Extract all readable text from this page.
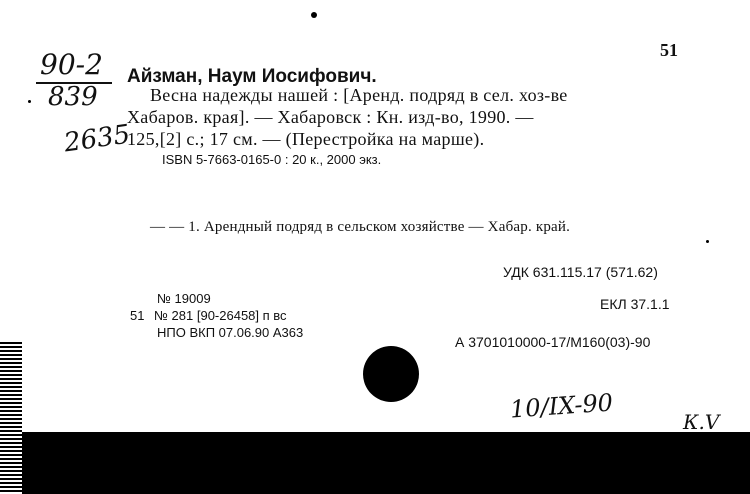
51
90-2
839
2635
Айзман, Наум Иосифович.
Весна надежды нашей : [Аренд. подряд в сел. хоз-ве
Хабаров. края]. — Хабаровск : Кн. изд-во, 1990. —
125,[2] с.; 17 см. — (Перестройка на марше).
ISBN 5-7663-0165-0 : 20 к., 2000 экз.
— — 1. Арендный подряд в сельском хозяйстве — Хабар. край.
УДК 631.115.17 (571.62)
№ 19009
51 № 281 [90-26458] п вс
НПО ВКП 07.06.90 А363
ЕКЛ 37.1.1
А 3701010000-17/М160(03)-90
10/IX-90	К.V
